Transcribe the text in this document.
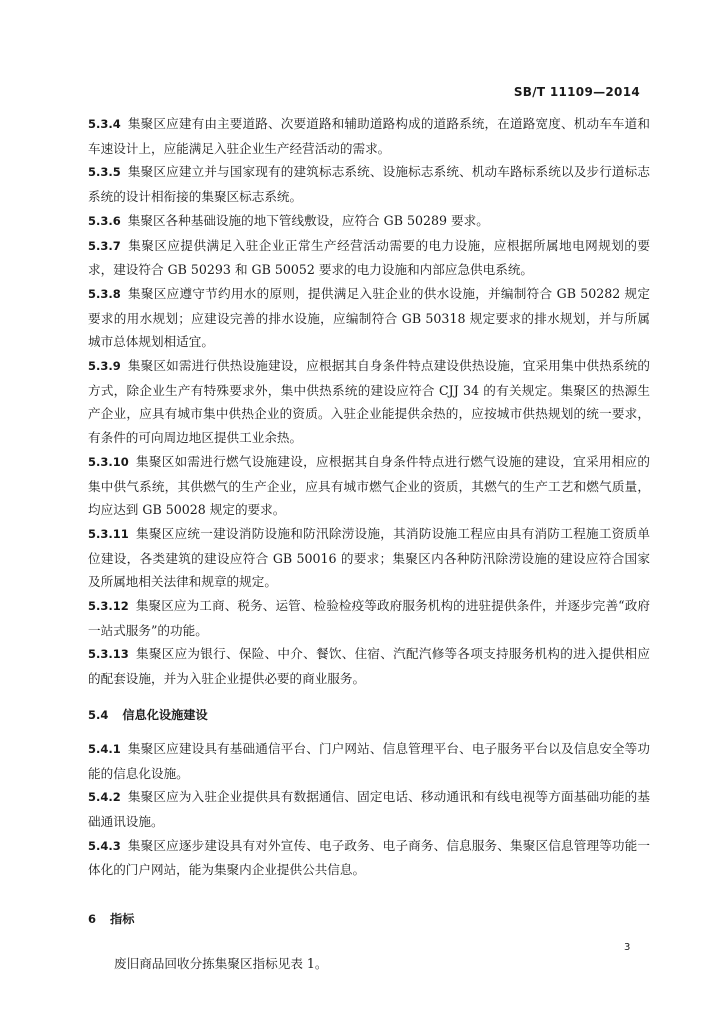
SB/T 11109—2014

5.3.4 集聚区应建有由主要道路、次要道路和辅助道路构成的道路系统，在道路宽度、机动车车道和车速设计上，应能满足入驻企业生产经营活动的需求。

5.3.5 集聚区应建立并与国家现有的建筑标志系统、设施标志系统、机动车路标系统以及步行道标志系统的设计相衔接的集聚区标志系统。

5.3.6 集聚区各种基础设施的地下管线敷设，应符合 GB 50289 要求。

5.3.7 集聚区应提供满足入驻企业正常生产经营活动需要的电力设施，应根据所属地电网规划的要求，建设符合 GB 50293 和 GB 50052 要求的电力设施和内部应急供电系统。

5.3.8 集聚区应遵守节约用水的原则，提供满足入驻企业的供水设施，并编制符合 GB 50282 规定要求的用水规划；应建设完善的排水设施，应编制符合 GB 50318 规定要求的排水规划，并与所属城市总体规划相适宜。

5.3.9 集聚区如需进行供热设施建设，应根据其自身条件特点建设供热设施，宜采用集中供热系统的方式，除企业生产有特殊要求外，集中供热系统的建设应符合 CJJ 34 的有关规定。集聚区的热源生产企业，应具有城市集中供热企业的资质。入驻企业能提供余热的，应按城市供热规划的统一要求，有条件的可向周边地区提供工业余热。

5.3.10 集聚区如需进行燃气设施建设，应根据其自身条件特点进行燃气设施的建设，宜采用相应的集中供气系统，其供燃气的生产企业，应具有城市燃气企业的资质，其燃气的生产工艺和燃气质量，均应达到 GB 50028 规定的要求。

5.3.11 集聚区应统一建设消防设施和防汛除涝设施，其消防设施工程应由具有消防工程施工资质单位建设，各类建筑的建设应符合 GB 50016 的要求；集聚区内各种防汛除涝设施的建设应符合国家及所属地相关法律和规章的规定。

5.3.12 集聚区应为工商、税务、运管、检验检疫等政府服务机构的进驻提供条件，并逐步完善“政府一站式服务”的功能。

5.3.13 集聚区应为银行、保险、中介、餐饮、住宿、汽配汽修等各项支持服务机构的进入提供相应的配套设施，并为入驻企业提供必要的商业服务。

5.4 信息化设施建设

5.4.1 集聚区应建设具有基础通信平台、门户网站、信息管理平台、电子服务平台以及信息安全等功能的信息化设施。

5.4.2 集聚区应为入驻企业提供具有数据通信、固定电话、移动通讯和有线电视等方面基础功能的基础通讯设施。

5.4.3 集聚区应逐步建设具有对外宣传、电子政务、电子商务、信息服务、集聚区信息管理等功能一体化的门户网站，能为集聚内企业提供公共信息。

6 指标

废旧商品回收分拣集聚区指标见表 1。

3
